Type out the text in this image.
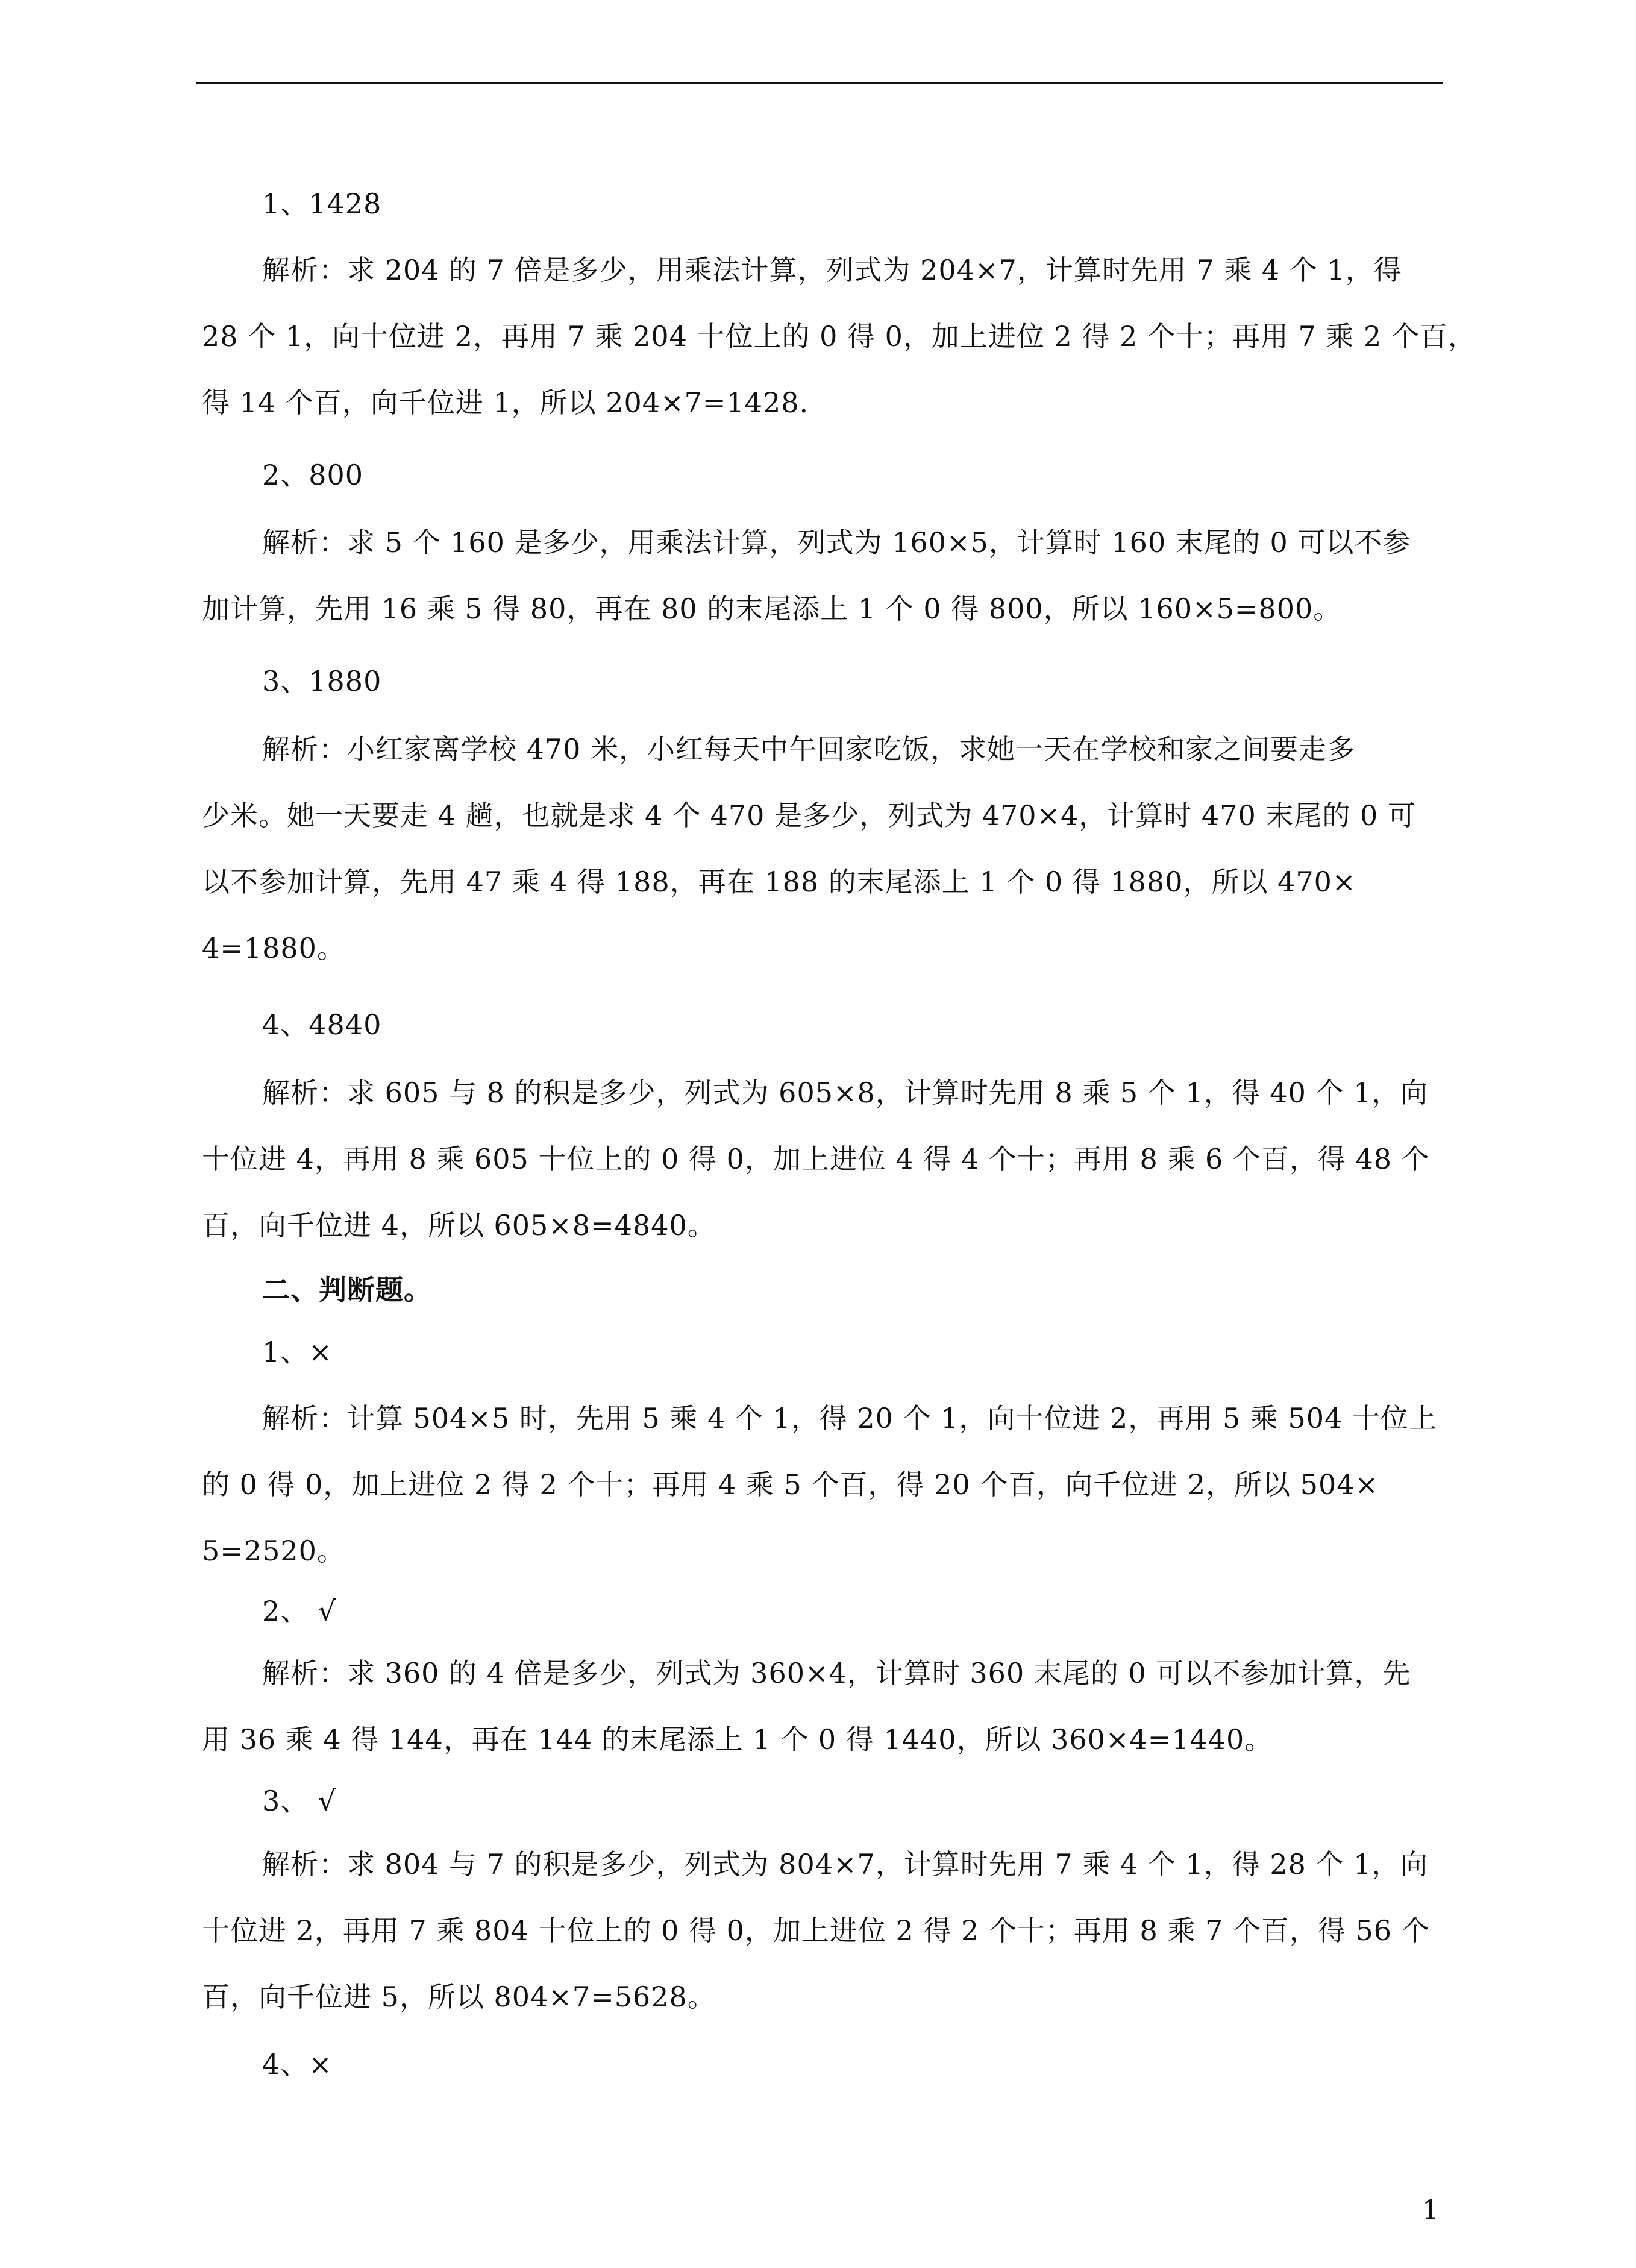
1、1428
解析：求 204 的 7 倍是多少，用乘法计算，列式为 204×7，计算时先用 7 乘 4 个 1，得
28 个 1，向十位进 2，再用 7 乘 204 十位上的 0 得 0，加上进位 2 得 2 个十；再用 7 乘 2 个百，
得 14 个百，向千位进 1，所以 204×7=1428.
2、800
解析：求 5 个 160 是多少，用乘法计算，列式为 160×5，计算时 160 末尾的 0 可以不参
加计算，先用 16 乘 5 得 80，再在 80 的末尾添上 1 个 0 得 800，所以 160×5=800。
3、1880
解析：小红家离学校 470 米，小红每天中午回家吃饭，求她一天在学校和家之间要走多
少米。她一天要走 4 趟，也就是求 4 个 470 是多少，列式为 470×4，计算时 470 末尾的 0 可
以不参加计算，先用 47 乘 4 得 188，再在 188 的末尾添上 1 个 0 得 1880，所以 470×
4=1880。
4、4840
解析：求 605 与 8 的积是多少，列式为 605×8，计算时先用 8 乘 5 个 1，得 40 个 1，向
十位进 4，再用 8 乘 605 十位上的 0 得 0，加上进位 4 得 4 个十；再用 8 乘 6 个百，得 48 个
百，向千位进 4，所以 605×8=4840。
二、判断题。
1、×
解析：计算 504×5 时，先用 5 乘 4 个 1，得 20 个 1，向十位进 2，再用 5 乘 504 十位上
的 0 得 0，加上进位 2 得 2 个十；再用 4 乘 5 个百，得 20 个百，向千位进 2，所以 504×
5=2520。
2、 √
解析：求 360 的 4 倍是多少，列式为 360×4，计算时 360 末尾的 0 可以不参加计算，先
用 36 乘 4 得 144，再在 144 的末尾添上 1 个 0 得 1440，所以 360×4=1440。
3、 √
解析：求 804 与 7 的积是多少，列式为 804×7，计算时先用 7 乘 4 个 1，得 28 个 1，向
十位进 2，再用 7 乘 804 十位上的 0 得 0，加上进位 2 得 2 个十；再用 8 乘 7 个百，得 56 个
百，向千位进 5，所以 804×7=5628。
4、×
1
